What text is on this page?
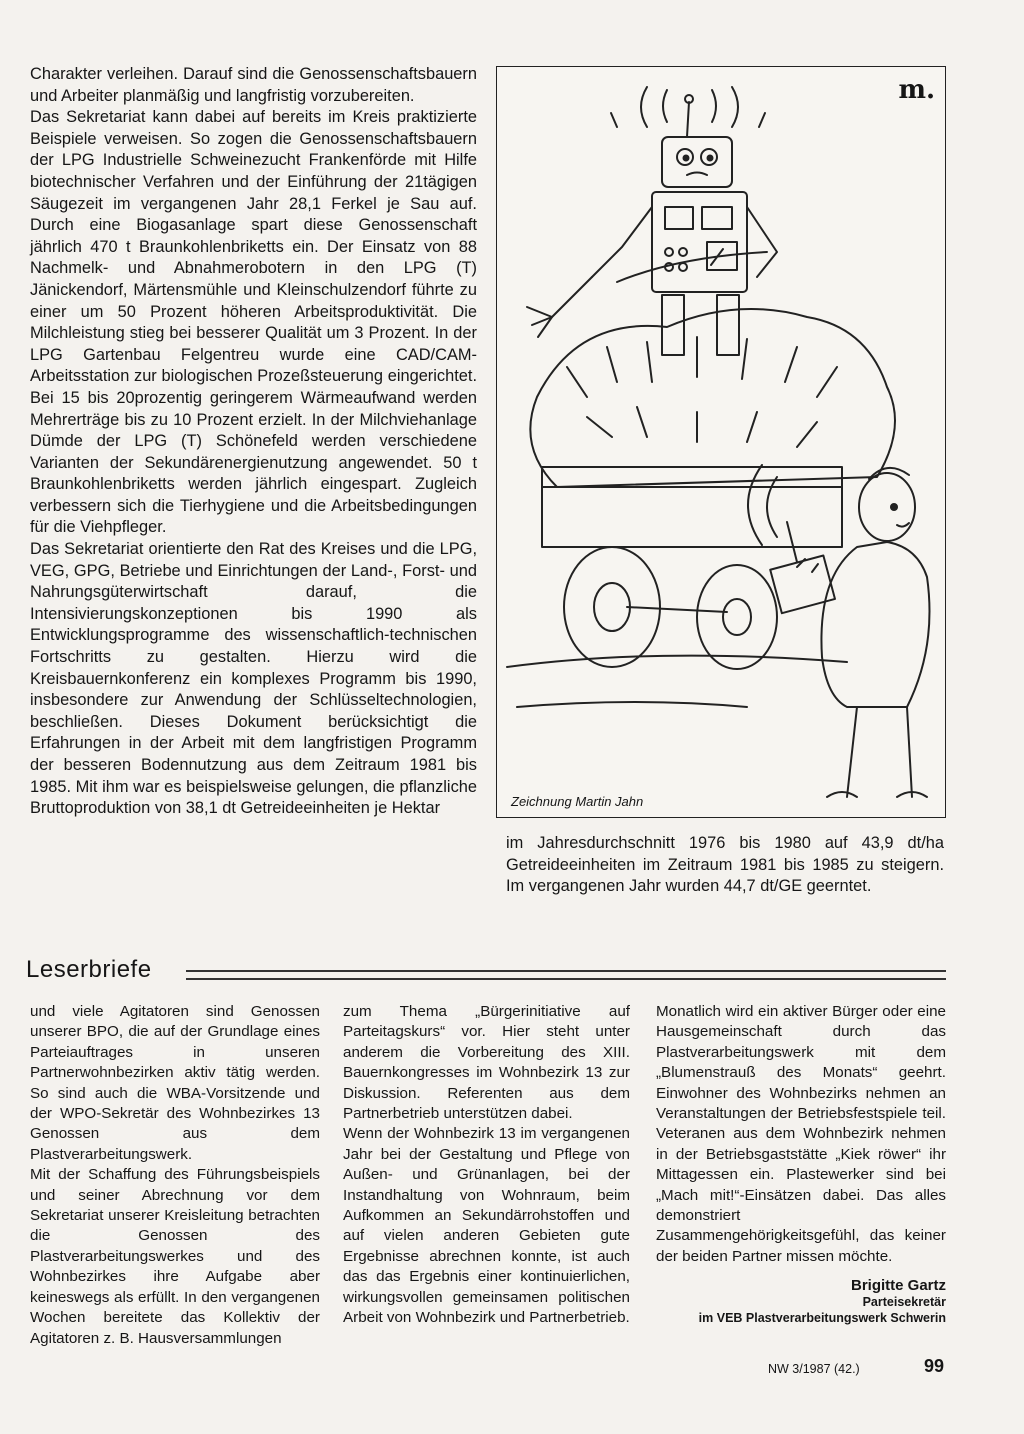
Charakter verleihen. Darauf sind die Genossenschaftsbauern und Arbeiter planmäßig und langfristig vorzubereiten.

Das Sekretariat kann dabei auf bereits im Kreis praktizierte Beispiele verweisen. So zogen die Genossenschaftsbauern der LPG Industrielle Schweinezucht Frankenförde mit Hilfe biotechnischer Verfahren und der Einführung der 21tägigen Säugezeit im vergangenen Jahr 28,1 Ferkel je Sau auf. Durch eine Biogasanlage spart diese Genossenschaft jährlich 470 t Braunkohlenbriketts ein. Der Einsatz von 88 Nachmelk- und Abnahmerobotern in den LPG (T) Jänickendorf, Märtensmühle und Kleinschulzendorf führte zu einer um 50 Prozent höheren Arbeitsproduktivität. Die Milchleistung stieg bei besserer Qualität um 3 Prozent. In der LPG Gartenbau Felgentreu wurde eine CAD/CAM-Arbeitsstation zur biologischen Prozeßsteuerung eingerichtet. Bei 15 bis 20prozentig geringerem Wärmeaufwand werden Mehrerträge bis zu 10 Prozent erzielt. In der Milchviehanlage Dümde der LPG (T) Schönefeld werden verschiedene Varianten der Sekundärenergienutzung angewendet. 50 t Braunkohlenbriketts werden jährlich eingespart. Zugleich verbessern sich die Tierhygiene und die Arbeitsbedingungen für die Viehpfleger.

Das Sekretariat orientierte den Rat des Kreises und die LPG, VEG, GPG, Betriebe und Einrichtungen der Land-, Forst- und Nahrungsgüterwirtschaft darauf, die Intensivierungskonzeptionen bis 1990 als Entwicklungsprogramme des wissenschaftlich-technischen Fortschritts zu gestalten. Hierzu wird die Kreisbauernkonferenz ein komplexes Programm bis 1990, insbesondere zur Anwendung der Schlüsseltechnologien, beschließen. Dieses Dokument berücksichtigt die Erfahrungen in der Arbeit mit dem langfristigen Programm der besseren Bodennutzung aus dem Zeitraum 1981 bis 1985. Mit ihm war es beispielsweise gelungen, die pflanzliche Bruttoproduktion von 38,1 dt Getreideeinheiten je Hektar

m.
Zeichnung Martin Jahn

im Jahresdurchschnitt 1976 bis 1980 auf 43,9 dt/ha Getreideeinheiten im Zeitraum 1981 bis 1985 zu steigern. Im vergangenen Jahr wurden 44,7 dt/GE geerntet.

Leserbriefe

und viele Agitatoren sind Genossen unserer BPO, die auf der Grundlage eines Parteiauftrages in unseren Partnerwohnbezirken aktiv tätig werden. So sind auch die WBA-Vorsitzende und der WPO-Sekretär des Wohnbezirkes 13 Genossen aus dem Plastverarbeitungswerk.

Mit der Schaffung des Führungsbeispiels und seiner Abrechnung vor dem Sekretariat unserer Kreisleitung betrachten die Genossen des Plastverarbeitungswerkes und des Wohnbezirkes ihre Aufgabe aber keineswegs als erfüllt. In den vergangenen Wochen bereitete das Kollektiv der Agitatoren z. B. Hausversammlungen

zum Thema „Bürgerinitiative auf Parteitagskurs“ vor. Hier steht unter anderem die Vorbereitung des XIII. Bauernkongresses im Wohnbezirk 13 zur Diskussion. Referenten aus dem Partnerbetrieb unterstützen dabei.

Wenn der Wohnbezirk 13 im vergangenen Jahr bei der Gestaltung und Pflege von Außen- und Grünanlagen, bei der Instandhaltung von Wohnraum, beim Aufkommen an Sekundärrohstoffen und auf vielen anderen Gebieten gute Ergebnisse abrechnen konnte, ist auch das das Ergebnis einer kontinuierlichen, wirkungsvollen gemeinsamen politischen Arbeit von Wohnbezirk und Partnerbetrieb.

Monatlich wird ein aktiver Bürger oder eine Hausgemeinschaft durch das Plastverarbeitungswerk mit dem „Blumenstrauß des Monats“ geehrt. Einwohner des Wohnbezirks nehmen an Veranstaltungen der Betriebsfestspiele teil. Veteranen aus dem Wohnbezirk nehmen in der Betriebsgaststätte „Kiek röwer“ ihr Mittagessen ein. Plastewerker sind bei „Mach mit!“-Einsätzen dabei. Das alles demonstriert Zusammengehörigkeitsgefühl, das keiner der beiden Partner missen möchte.

Brigitte Gartz
Parteisekretär
im VEB Plastverarbeitungswerk Schwerin
NW 3/1987 (42.)	99
